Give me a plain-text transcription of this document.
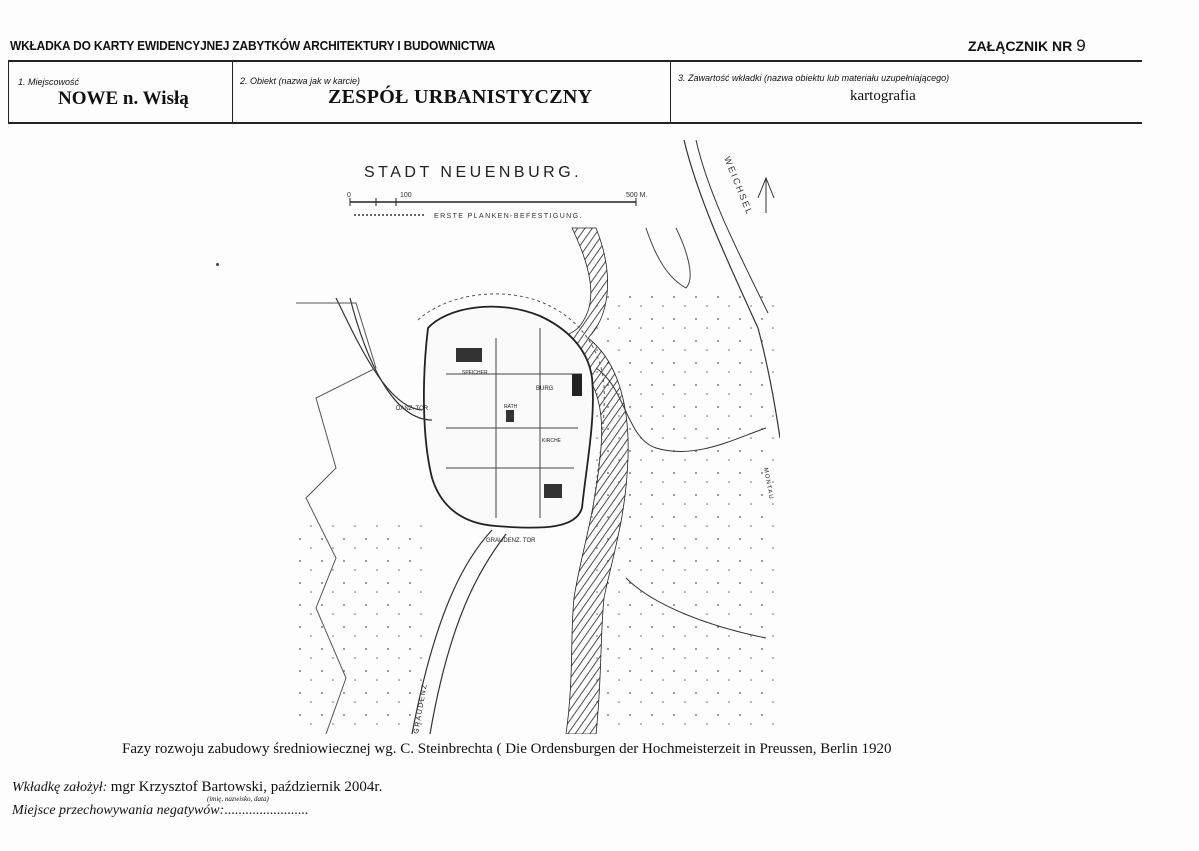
WKŁADKA DO KARTY EWIDENCYJNEJ ZABYTKÓW ARCHITEKTURY I BUDOWNICTWA	ZAŁĄCZNIK NR 9
1. Miejscowość
NOWE n. Wisłą
2. Obiekt (nazwa jak w karcie)
ZESPÓŁ URBANISTYCZNY
3. Zawartość wkładki (nazwa obiektu lub materiału uzupełniającego)
kartografia
STADT NEUENBURG.
0	100	500 M.
ERSTE PLANKEN-BEFESTIGUNG.	WEICHSEL
SPEICHER
BURG
RATH
KIRCHE
DANZ. TOR
GRAUDENZ. TOR
GRAUDENZ
MONTAU
Fazy rozwoju zabudowy średniowiecznej wg. C. Steinbrechta ( Die Ordensburgen der Hochmeisterzeit in Preussen, Berlin 1920
Wkładkę założył: mgr Krzysztof Bartowski, październik 2004r.
(imię, nazwisko, data)
Miejsce przechowywania negatywów:........................
